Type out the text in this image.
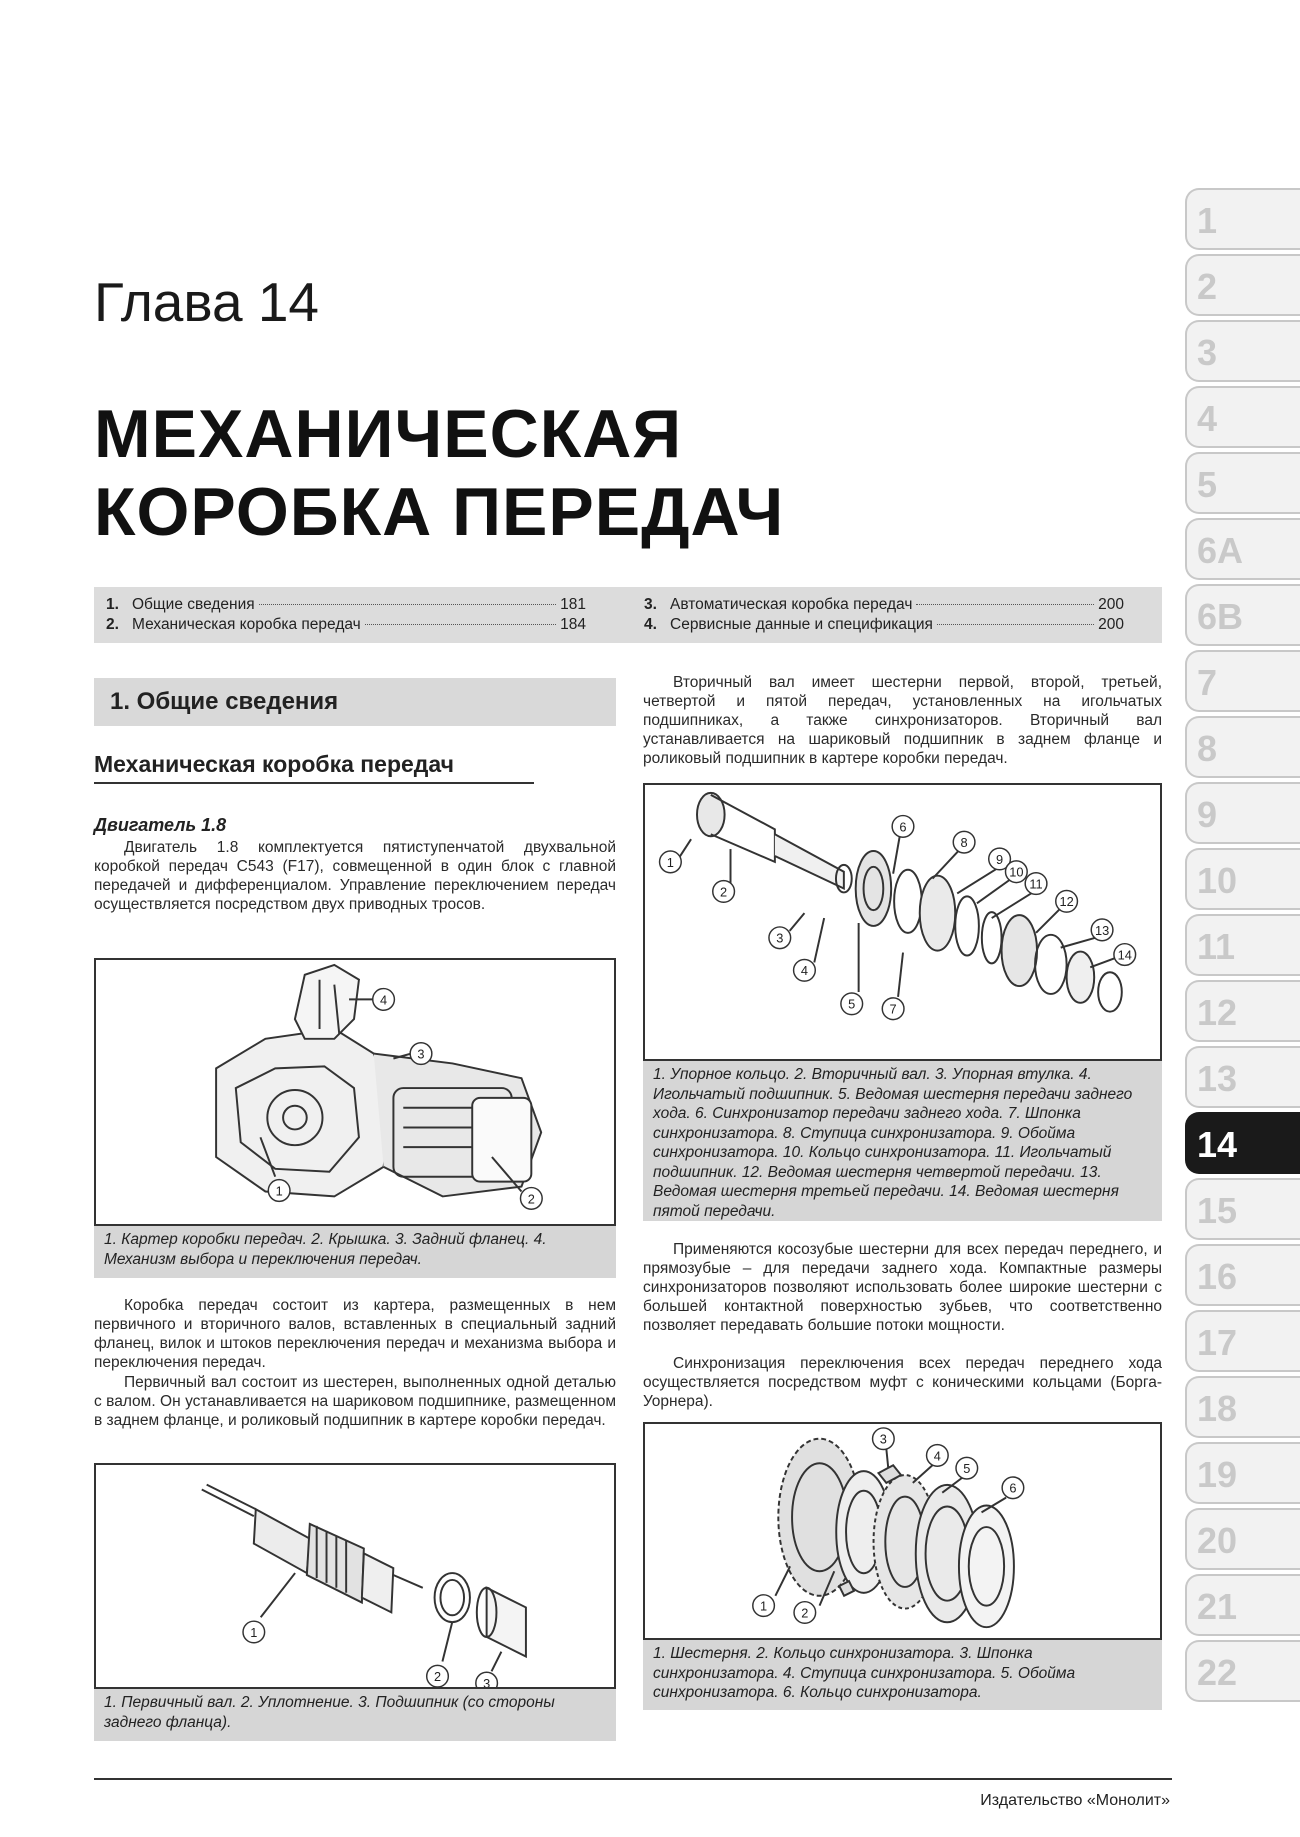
Глава 14
МЕХАНИЧЕСКАЯ
КОРОБКА ПЕРЕДАЧ
1. Общие сведения	181
2. Механическая коробка передач	184
3. Автоматическая коробка передач	200
4. Сервисные данные и спецификация	200
1. Общие сведения
Механическая коробка передач
Двигатель 1.8

Двигатель 1.8 комплектуется пятиступенчатой двухвальной коробкой передач C543 (F17), совмещенной в один блок с главной передачей и дифференциалом. Управление переключением передач осуществляется посредством двух приводных тросов.

1
2
3
4
1. Картер коробки передач. 2. Крышка. 3. Задний фланец. 4. Механизм выбора и переключения передач.

Коробка передач состоит из картера, размещенных в нем первичного и вторичного валов, вставленных в специальный задний фланец, вилок и штоков переключения передач и механизма выбора и переключения передач.

Первичный вал состоит из шестерен, выполненных одной деталью с валом. Он устанавливается на шариковом подшипнике, размещенном в заднем фланце, и роликовый подшипник в картере коробки передач.

1
2	3
1. Первичный вал. 2. Уплотнение. 3. Подшипник (со стороны заднего фланца).

Вторичный вал имеет шестерни первой, второй, третьей, четвертой и пятой передач, установленных на игольчатых подшипниках, а также синхронизаторов. Вторичный вал устанавливается на шариковый подшипник в заднем фланце и роликовый подшипник в картере коробки передач.

1
2
3
4
5
6
7
8
9
10
11
12
13
14
1. Упорное кольцо. 2. Вторичный вал. 3. Упорная втулка. 4. Игольчатый подшипник. 5. Ведомая шестерня передачи заднего хода. 6. Синхронизатор передачи заднего хода. 7. Шпонка синхронизатора. 8. Ступица синхронизатора. 9. Обойма синхронизатора. 10. Кольцо синхронизатора. 11. Игольчатый подшипник. 12. Ведомая шестерня четвертой передачи. 13. Ведомая шестерня третьей передачи. 14. Ведомая шестерня пятой передачи.

Применяются косозубые шестерни для всех передач переднего, и прямозубые – для передачи заднего хода. Компактные размеры синхронизаторов позволяют использовать более широкие шестерни с большей контактной поверхностью зубьев, что соответственно позволяет передавать большие потоки мощности.

Синхронизация переключения всех передач переднего хода осуществляется посредством муфт с коническими кольцами (Борга-Уорнера).

1	2
3
4
5
6
1. Шестерня. 2. Кольцо синхронизатора. 3. Шпонка синхронизатора. 4. Ступица синхронизатора. 5. Обойма синхронизатора. 6. Кольцо синхронизатора.
1
2
3
4
5
6A
6B
7
8
9
10
11
12
13
14
15
16
17
18
19
20
21
22
Издательство «Монолит»
